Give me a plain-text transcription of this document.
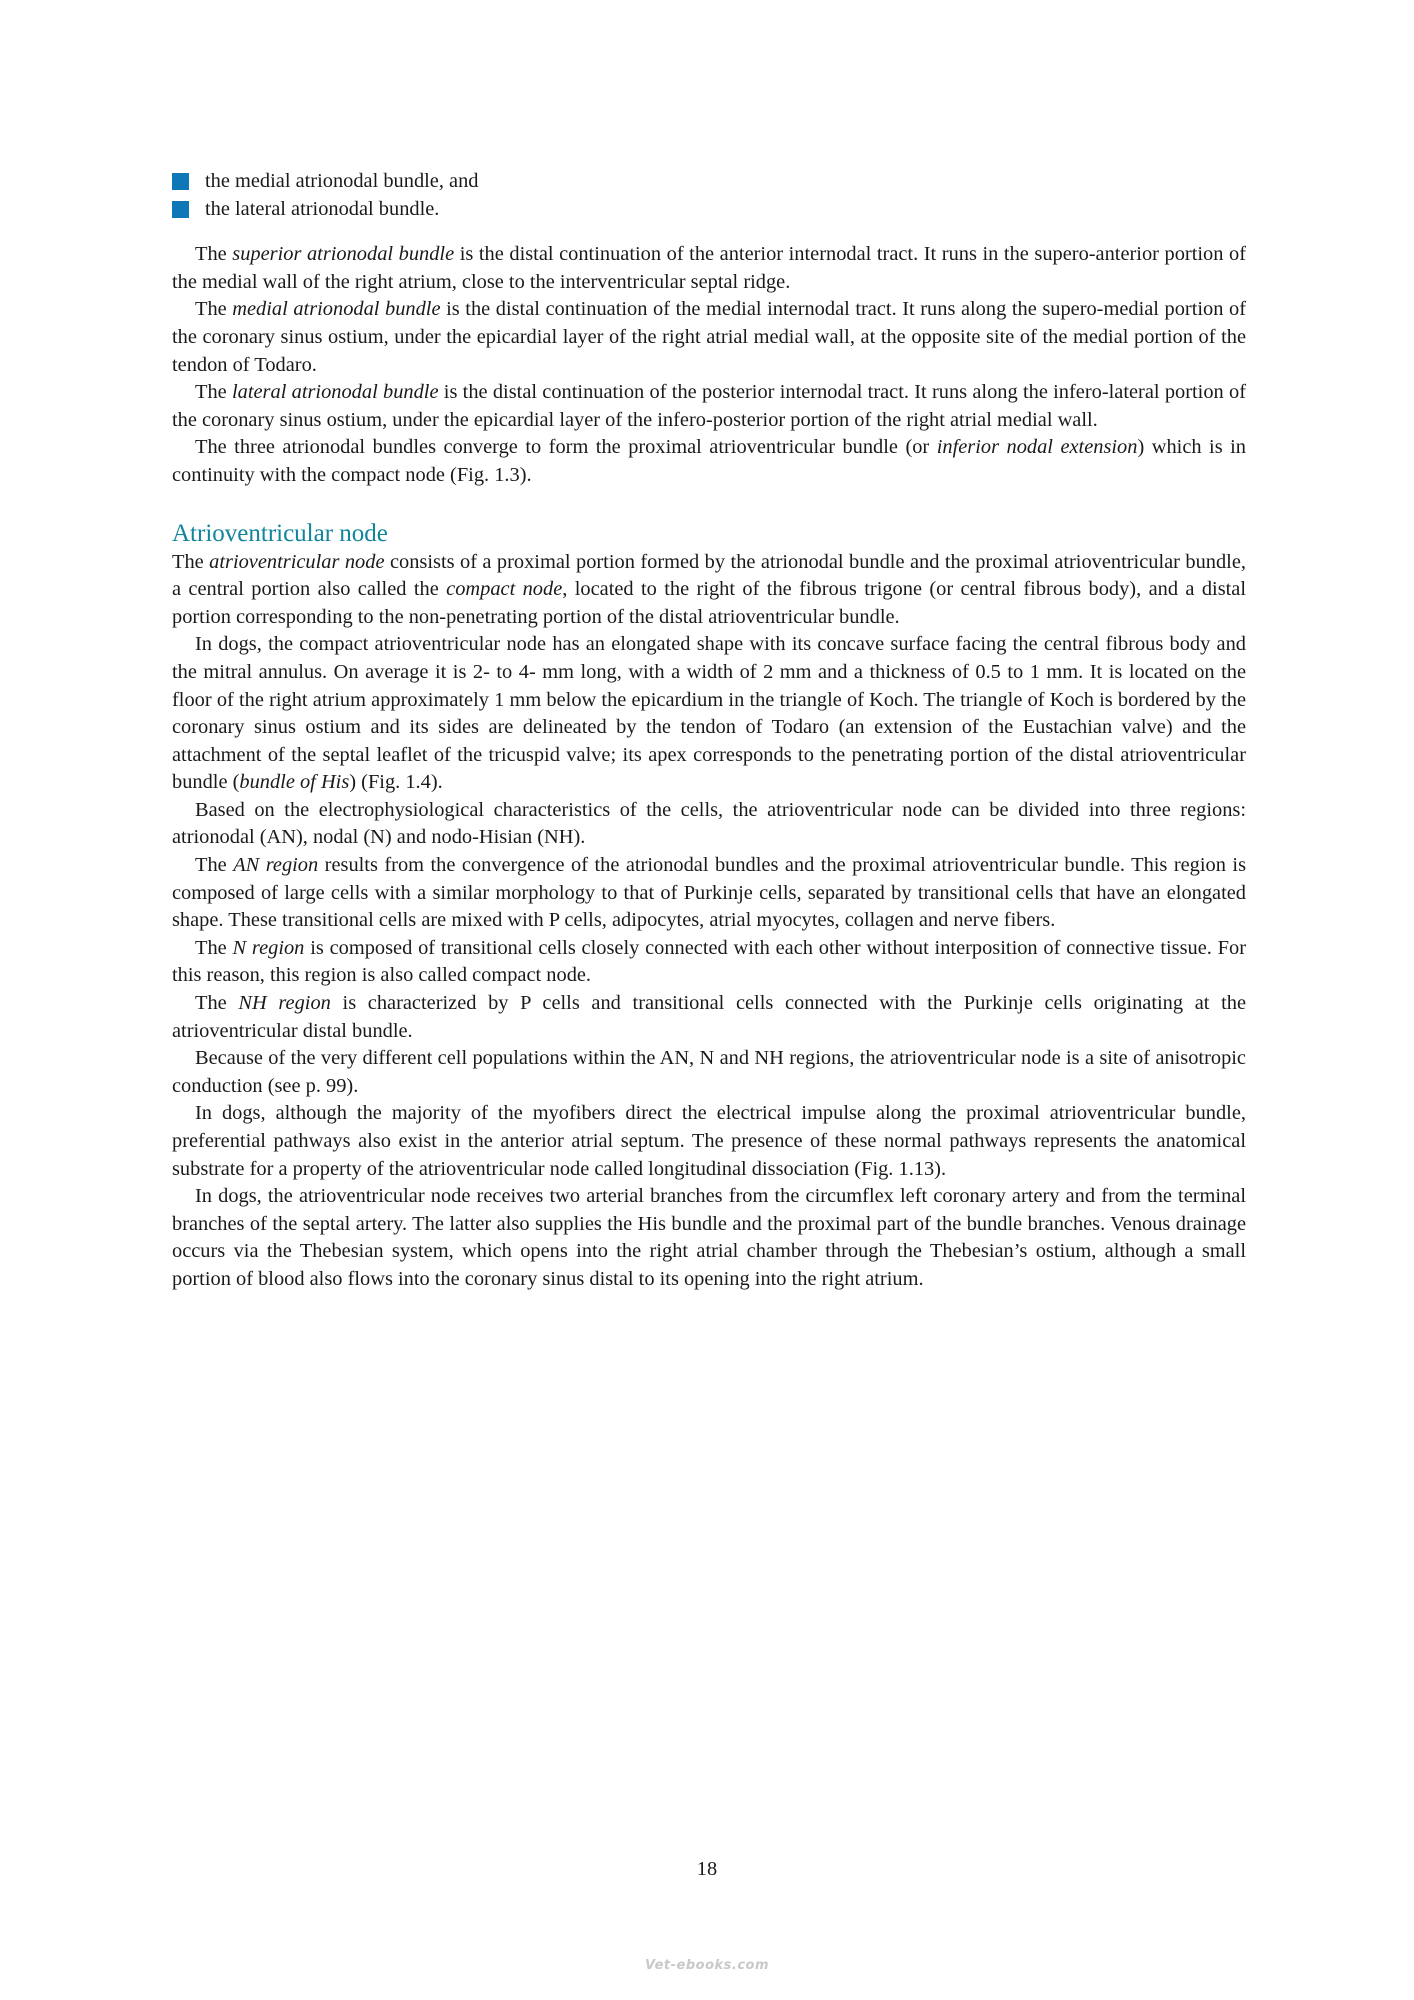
the medial atrionodal bundle, and
the lateral atrionodal bundle.

The superior atrionodal bundle is the distal continuation of the anterior internodal tract. It runs in the supero-anterior portion of the medial wall of the right atrium, close to the interventricular septal ridge.

The medial atrionodal bundle is the distal continuation of the medial internodal tract. It runs along the supero-medial portion of the coronary sinus ostium, under the epicardial layer of the right atrial medial wall, at the opposite site of the medial portion of the tendon of Todaro.

The lateral atrionodal bundle is the distal continuation of the posterior internodal tract. It runs along the infero-lateral portion of the coronary sinus ostium, under the epicardial layer of the infero-posterior portion of the right atrial medial wall.

The three atrionodal bundles converge to form the proximal atrioventricular bundle (or inferior nodal extension) which is in continuity with the compact node (Fig. 1.3).

Atrioventricular node

The atrioventricular node consists of a proximal portion formed by the atrionodal bundle and the proximal atrioventricular bundle, a central portion also called the compact node, located to the right of the fibrous trigone (or central fibrous body), and a distal portion corresponding to the non-penetrating portion of the distal atrioventricular bundle.

In dogs, the compact atrioventricular node has an elongated shape with its concave surface facing the central fibrous body and the mitral annulus. On average it is 2- to 4- mm long, with a width of 2 mm and a thickness of 0.5 to 1 mm. It is located on the floor of the right atrium approximately 1 mm below the epicardium in the triangle of Koch. The triangle of Koch is bordered by the coronary sinus ostium and its sides are delineated by the tendon of Todaro (an extension of the Eustachian valve) and the attachment of the septal leaflet of the tricuspid valve; its apex corresponds to the penetrating portion of the distal atrioventricular bundle (bundle of His) (Fig. 1.4).

Based on the electrophysiological characteristics of the cells, the atrioventricular node can be divided into three regions: atrionodal (AN), nodal (N) and nodo-Hisian (NH).

The AN region results from the convergence of the atrionodal bundles and the proximal atrioventricular bundle. This region is composed of large cells with a similar morphology to that of Purkinje cells, separated by transitional cells that have an elongated shape. These transitional cells are mixed with P cells, adipocytes, atrial myocytes, collagen and nerve fibers.

The N region is composed of transitional cells closely connected with each other without interposition of connective tissue. For this reason, this region is also called compact node.

The NH region is characterized by P cells and transitional cells connected with the Purkinje cells originating at the atrioventricular distal bundle.

Because of the very different cell populations within the AN, N and NH regions, the atrioventricular node is a site of anisotropic conduction (see p. 99).

In dogs, although the majority of the myofibers direct the electrical impulse along the proximal atrioventricular bundle, preferential pathways also exist in the anterior atrial septum. The presence of these normal pathways represents the anatomical substrate for a property of the atrioventricular node called longitudinal dissociation (Fig. 1.13).

In dogs, the atrioventricular node receives two arterial branches from the circumflex left coronary artery and from the terminal branches of the septal artery. The latter also supplies the His bundle and the proximal part of the bundle branches. Venous drainage occurs via the Thebesian system, which opens into the right atrial chamber through the Thebesian’s ostium, although a small portion of blood also flows into the coronary sinus distal to its opening into the right atrium.

18
Vet-ebooks.com
